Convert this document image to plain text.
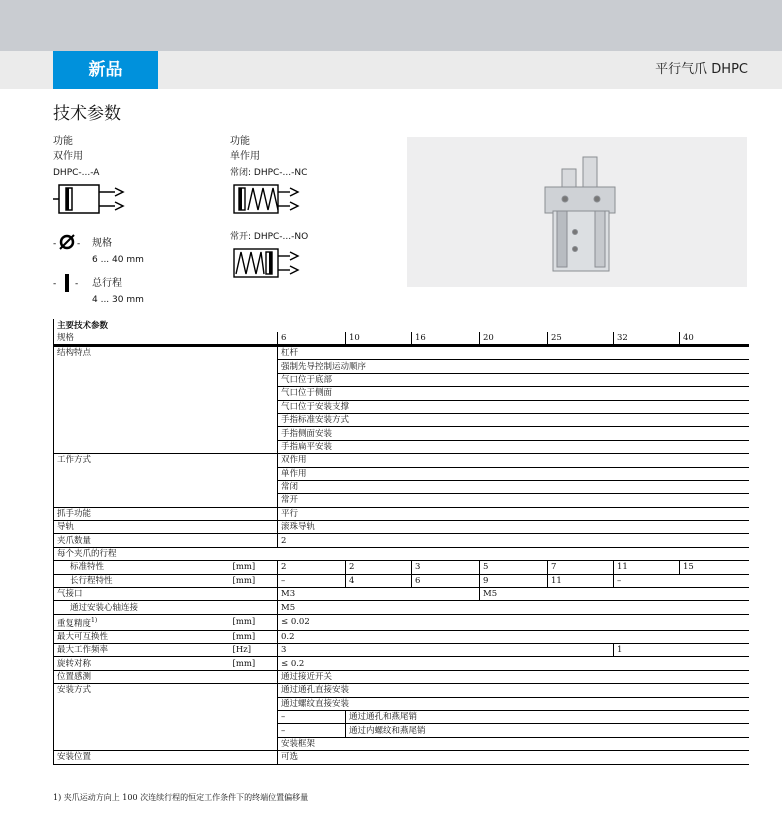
新品	平行气爪 DHPC
技术参数
功能
双作用
DHPC-...-A
- - 规格
6 ... 40 mm
- - 总行程
4 ... 30 mm
功能
单作用
常闭: DHPC-...-NC
常开: DHPC-...-NO
主要技术参数								
规格		6	10	16	20	25	32	40
结构特点		杠杆						
		强制先导控制运动顺序						
		气口位于底部						
		气口位于侧面						
		气口位于安装支撑						
		手指标准安装方式						
		手指侧面安装						
		手指扁平安装						
工作方式		双作用						
		单作用						
		常闭						
		常开						
抓手功能		平行						
导轨		滚珠导轨						
夹爪数量		2						
每个夹爪的行程								
标准特性	[mm]	2	2	3	5	7	11	15
长行程特性	[mm]	–	4	6	9	11	–	
气接口		M3			M5			
通过安装心轴连接		M5						
重复精度$^{1)}$	[mm]	≤ 0.02						
最大可互换性	[mm]	0.2						
最大工作频率	[Hz]	3					1	
旋转对称	[mm]	≤ 0.2						
位置感测		通过接近开关						
安装方式		通过通孔直接安装						
		通过螺纹直接安装						
		–	通过通孔和燕尾销					
		–	通过内螺纹和燕尾销					
		安装框架						
安装位置		可选						
1) 夹爪运动方向上 100 次连续行程的恒定工作条件下的终端位置偏移量
